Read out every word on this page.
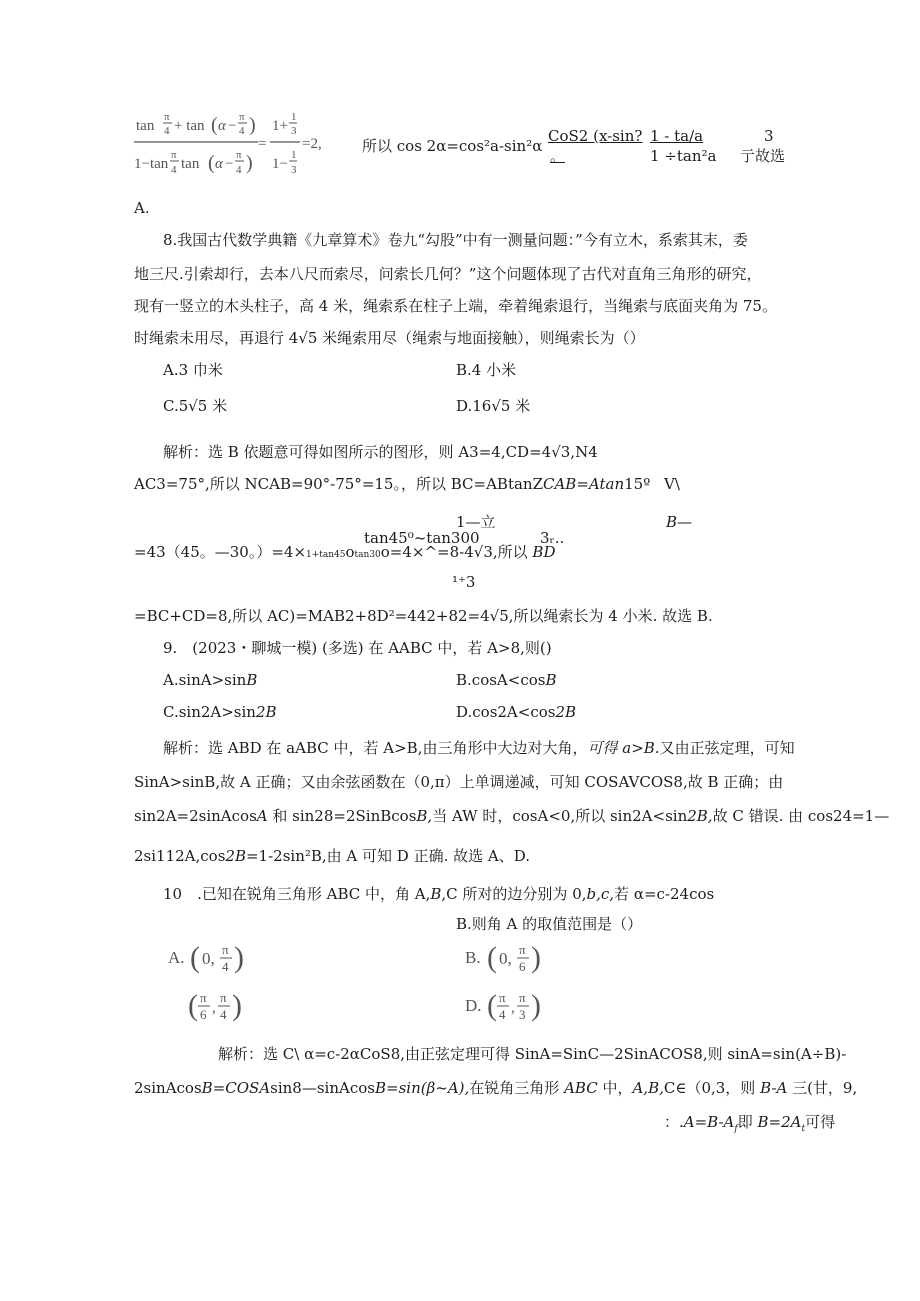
tan
π
4 + tan ( α −
π
4 )
1−tan
π
4 tan ( α −
π
4 )
=
1+
1
3
1−
1
3
=2,	所以 cos 2α=cos²a-sin²α
CoS2 (x-sin?
。
1 - ta/a
1 ÷tan²a
3
亍故选
A.
8.我国古代数学典籍《九章算术》卷九“勾股”中有一测量问题：”今有立木，系索其末，委
地三尺.引索却行，去本八尺而索尽，问索长几何？”这个问题体现了古代对直角三角形的研究，
现有一竖立的木头柱子，高 4 米，绳索系在柱子上端，牵着绳索退行，当绳索与底面夹角为 75。
时绳索未用尽，再退行 4√5 米绳索用尽（绳索与地面接触），则绳索长为（）
A.3 巾米	B.4 小米
C.5√5 米	D.16√5 米
解析：选 B 依题意可得如图所示的图形，则 A3=4,CD=4√3,N4
AC3=75°,所以 NCAB=90°-75°=15。，所以 BC=ABtanZCAB=Atan15º V\
1—立	B—
tan45⁰~tan300	3ᵣ..
=43（45。—30。）=4×1+tan45otan30o=4×^=8-4√3,所以 BD
¹⁺3
=BC+CD=8,所以 AC)=MAB2+8D²=442+82=4√5,所以绳索长为 4 小米. 故选 B.
9.　(2023・聊城一模) (多选) 在 AABC 中，若 A>8,则()
A.sinA>sinB	B.cosA<cosB
C.sin2A>sin2B	D.cos2A<cos2B
解析：选 ABD 在 aABC 中，若 A>B,由三角形中大边对大角，可得 a>B.又由正弦定理，可知
SinA>sinB,故 A 正确；又由余弦函数在（0,π）上单调递减，可知 COSAVCOS8,故 B 正确；由
sin2A=2sinAcosA 和 sin28=2SinBcosB,当 AW 时，cosA<0,所以 sin2A<sin2B,故 C 错误. 由 cos24=1—
2si112A,cos2B=1-2sin²B,由 A 可知 D 正确. 故选 A、D.
10　.已知在锐角三角形 ABC 中，角 A,B,C 所对的边分别为 0,b,c,若 α=c-24cos
B.则角 A 的取值范围是（）
A. ( 0, π
4 )	B. ( 0, π
6 )
( π
6 ,
π
4 )	D. ( π
4 ,
π
3 )
解析：选 C\ α=c-2αCoS8,由正弦定理可得 SinA=SinC—2SinACOS8,则 sinA=sin(A÷B)-
2sinAcosB=COSAsin8—sinAcosB=sin(β~A),在锐角三角形 ABC 中，A,B,C∈（0,3，则 B-A 三(甘，9,
：$.A=B-A_f$即 $B=2A_t$可得
